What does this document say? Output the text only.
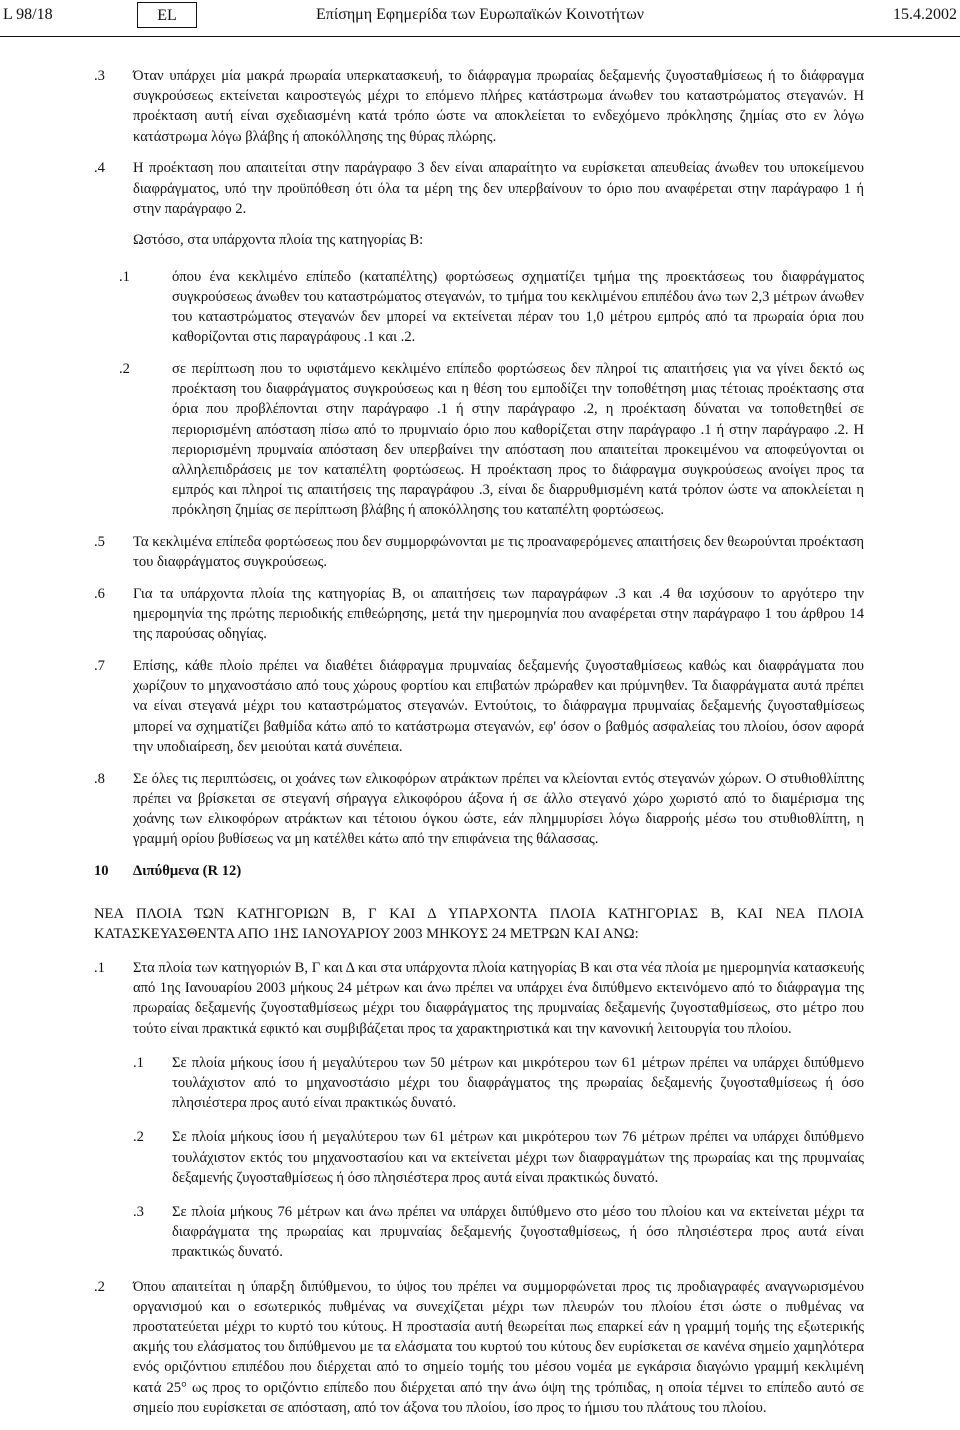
L 98/18	Επίσημη Εφημερίδα των Ευρωπαϊκών Κοινοτήτων
EL	15.4.2002
.3 Όταν υπάρχει μία μακρά πρωραία υπερκατασκευή, το διάφραγμα πρωραίας δεξαμενής ζυγοσταθμίσεως ή το διάφραγμα συγκρούσεως εκτείνεται καιροστεγώς μέχρι το επόμενο πλήρες κατάστρωμα άνωθεν του καταστρώματος στεγανών. Η προέκταση αυτή είναι σχεδιασμένη κατά τρόπο ώστε να αποκλείεται το ενδεχόμενο πρόκλησης ζημίας στο εν λόγω κατάστρωμα λόγω βλάβης ή αποκόλλησης της θύρας πλώρης.
.4 Η προέκταση που απαιτείται στην παράγραφο 3 δεν είναι απαραίτητο να ευρίσκεται απευθείας άνωθεν του υποκείμενου διαφράγματος, υπό την προϋπόθεση ότι όλα τα μέρη της δεν υπερβαίνουν το όριο που αναφέρεται στην παράγραφο 1 ή στην παράγραφο 2.
Ωστόσο, στα υπάρχοντα πλοία της κατηγορίας Β:
.1	όπου ένα κεκλιμένο επίπεδο (καταπέλτης) φορτώσεως σχηματίζει τμήμα της προεκτάσεως του διαφράγματος συγκρούσεως άνωθεν του καταστρώματος στεγανών, το τμήμα του κεκλιμένου επιπέδου άνω των 2,3 μέτρων άνωθεν του καταστρώματος στεγανών δεν μπορεί να εκτείνεται πέραν του 1,0 μέτρου εμπρός από τα πρωραία όρια που καθορίζονται στις παραγράφους .1 και .2.
.2	σε περίπτωση που το υφιστάμενο κεκλιμένο επίπεδο φορτώσεως δεν πληροί τις απαιτήσεις για να γίνει δεκτό ως προέκταση του διαφράγματος συγκρούσεως και η θέση του εμποδίζει την τοποθέτηση μιας τέτοιας προέκτασης στα όρια που προβλέπονται στην παράγραφο .1 ή στην παράγραφο .2, η προέκταση δύναται να τοποθετηθεί σε περιορισμένη απόσταση πίσω από το πρυμνιαίο όριο που καθορίζεται στην παράγραφο .1 ή στην παράγραφο .2. Η περιορισμένη πρυμναία απόσταση δεν υπερβαίνει την απόσταση που απαιτείται προκειμένου να αποφεύγονται οι αλληλεπιδράσεις με τον καταπέλτη φορτώσεως. Η προέκταση προς το διάφραγμα συγκρούσεως ανοίγει προς τα εμπρός και πληροί τις απαιτήσεις της παραγράφου .3, είναι δε διαρρυθμισμένη κατά τρόπον ώστε να αποκλείεται η πρόκληση ζημίας σε περίπτωση βλάβης ή αποκόλλησης του καταπέλτη φορτώσεως.
.5 Τα κεκλιμένα επίπεδα φορτώσεως που δεν συμμορφώνονται με τις προαναφερόμενες απαιτήσεις δεν θεωρούνται προέκταση του διαφράγματος συγκρούσεως.
.6 Για τα υπάρχοντα πλοία της κατηγορίας Β, οι απαιτήσεις των παραγράφων .3 και .4 θα ισχύσουν το αργότερο την ημερομηνία της πρώτης περιοδικής επιθεώρησης, μετά την ημερομηνία που αναφέρεται στην παράγραφο 1 του άρθρου 14 της παρούσας οδηγίας.
.7 Επίσης, κάθε πλοίο πρέπει να διαθέτει διάφραγμα πρυμναίας δεξαμενής ζυγοσταθμίσεως καθώς και διαφράγματα που χωρίζουν το μηχανοστάσιο από τους χώρους φορτίου και επιβατών πρώραθεν και πρύμνηθεν. Τα διαφράγματα αυτά πρέπει να είναι στεγανά μέχρι του καταστρώματος στεγανών. Εντούτοις, το διάφραγμα πρυμναίας δεξαμενής ζυγοσταθμίσεως μπορεί να σχηματίζει βαθμίδα κάτω από το κατάστρωμα στεγανών, εφ' όσον ο βαθμός ασφαλείας του πλοίου, όσον αφορά την υποδιαίρεση, δεν μειούται κατά συνέπεια.
.8 Σε όλες τις περιπτώσεις, οι χοάνες των ελικοφόρων ατράκτων πρέπει να κλείονται εντός στεγανών χώρων. Ο στυθιοθλίπτης πρέπει να βρίσκεται σε στεγανή σήραγγα ελικοφόρου άξονα ή σε άλλο στεγανό χώρο χωριστό από το διαμέρισμα της χοάνης των ελικοφόρων ατράκτων και τέτοιου όγκου ώστε, εάν πλημμυρίσει λόγω διαρροής μέσω του στυθιοθλίπτη, η γραμμή ορίου βυθίσεως να μη κατέλθει κάτω από την επιφάνεια της θάλασσας.
10 Διπύθμενα (R 12)
ΝΕΑ ΠΛΟΙΑ ΤΩΝ ΚΑΤΗΓΟΡΙΩΝ Β, Γ ΚΑΙ Δ ΥΠΑΡΧΟΝΤΑ ΠΛΟΙΑ ΚΑΤΗΓΟΡΙΑΣ Β, ΚΑΙ ΝΕΑ ΠΛΟΙΑ ΚΑΤΑΣΚΕΥΑΣΘΕΝΤΑ ΑΠΟ 1ΗΣ ΙΑΝΟΥΑΡΙΟΥ 2003 ΜΗΚΟΥΣ 24 ΜΕΤΡΩΝ ΚΑΙ ΑΝΩ:
.1 Στα πλοία των κατηγοριών Β, Γ και Δ και στα υπάρχοντα πλοία κατηγορίας Β και στα νέα πλοία με ημερομηνία κατασκευής από 1ης Ιανουαρίου 2003 μήκους 24 μέτρων και άνω πρέπει να υπάρχει ένα διπύθμενο εκτεινόμενο από το διάφραγμα της πρωραίας δεξαμενής ζυγοσταθμίσεως μέχρι του διαφράγματος της πρυμναίας δεξαμενής ζυγοσταθμίσεως, στο μέτρο που τούτο είναι πρακτικά εφικτό και συμβιβάζεται προς τα χαρακτηριστικά και την κανονική λειτουργία του πλοίου.
.1 Σε πλοία μήκους ίσου ή μεγαλύτερου των 50 μέτρων και μικρότερου των 61 μέτρων πρέπει να υπάρχει διπύθμενο τουλάχιστον από το μηχανοστάσιο μέχρι του διαφράγματος της πρωραίας δεξαμενής ζυγοσταθμίσεως ή όσο πλησιέστερα προς αυτό είναι πρακτικώς δυνατό.
.2 Σε πλοία μήκους ίσου ή μεγαλύτερου των 61 μέτρων και μικρότερου των 76 μέτρων πρέπει να υπάρχει διπύθμενο τουλάχιστον εκτός του μηχανοστασίου και να εκτείνεται μέχρι των διαφραγμάτων της πρωραίας και της πρυμναίας δεξαμενής ζυγοσταθμίσεως ή όσο πλησιέστερα προς αυτά είναι πρακτικώς δυνατό.
.3 Σε πλοία μήκους 76 μέτρων και άνω πρέπει να υπάρχει διπύθμενο στο μέσο του πλοίου και να εκτείνεται μέχρι τα διαφράγματα της πρωραίας και πρυμναίας δεξαμενής ζυγοσταθμίσεως, ή όσο πλησιέστερα προς αυτά είναι πρακτικώς δυνατό.
.2 Όπου απαιτείται η ύπαρξη διπύθμενου, το ύψος του πρέπει να συμμορφώνεται προς τις προδιαγραφές αναγνωρισμένου οργανισμού και ο εσωτερικός πυθμένας να συνεχίζεται μέχρι των πλευρών του πλοίου έτσι ώστε ο πυθμένας να προστατεύεται μέχρι το κυρτό του κύτους. Η προστασία αυτή θεωρείται πως επαρκεί εάν η γραμμή τομής της εξωτερικής ακμής του ελάσματος του διπύθμενου με τα ελάσματα του κυρτού του κύτους δεν ευρίσκεται σε κανένα σημείο χαμηλότερα ενός οριζόντιου επιπέδου που διέρχεται από το σημείο τομής του μέσου νομέα με εγκάρσια διαγώνιο γραμμή κεκλιμένη κατά 25° ως προς το οριζόντιο επίπεδο που διέρχεται από την άνω όψη της τρόπιδας, η οποία τέμνει το επίπεδο αυτό σε σημείο που ευρίσκεται σε απόσταση, από τον άξονα του πλοίου, ίσο προς το ήμισυ του πλάτους του πλοίου.
